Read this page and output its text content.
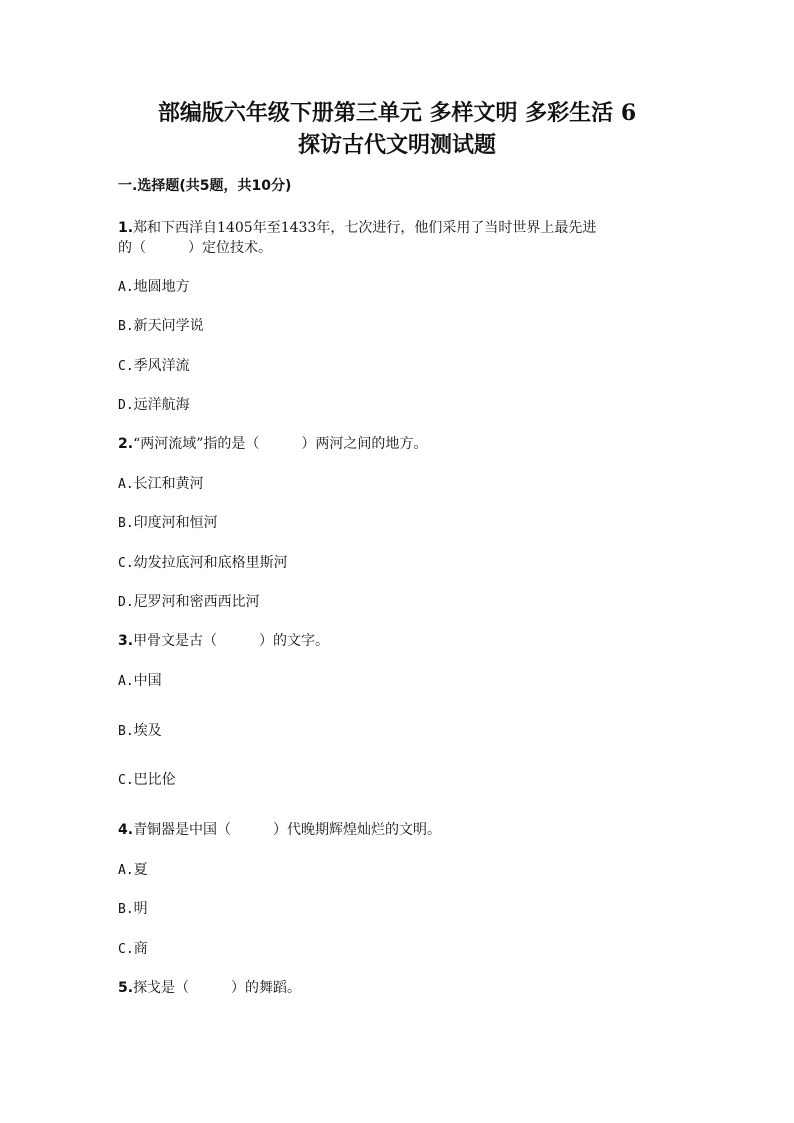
部编版六年级下册第三单元 多样文明 多彩生活 6
探访古代文明测试题

一.选择题(共5题，共10分)

1.郑和下西洋自1405年至1433年，七次进行，他们采用了当时世界上最先进

的（　　　）定位技术。

A.地圆地方

B.新天问学说

C.季风洋流

D.远洋航海

2.“两河流域”指的是（　　　）两河之间的地方。

A.长江和黄河

B.印度河和恒河

C.幼发拉底河和底格里斯河

D.尼罗河和密西西比河

3.甲骨文是古（　　　）的文字。

A.中国

B.埃及

C.巴比伦

4.青铜器是中国（　　　）代晚期辉煌灿烂的文明。

A.夏

B.明

C.商

5.探戈是（　　　）的舞蹈。
